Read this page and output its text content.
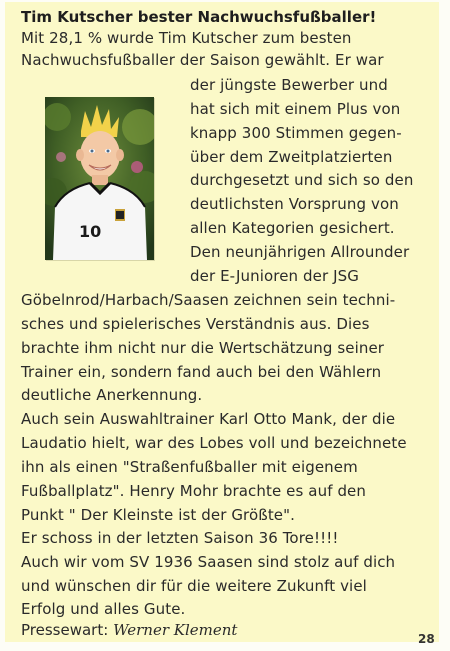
Tim Kutscher bester Nachwuchsfußballer!
10
Mit 28,1 % wurde Tim Kutscher zum besten
Nachwuchsfußballer der Saison gewählt. Er war
der jüngste Bewerber und
hat sich mit einem Plus von
knapp 300 Stimmen gegen-
über dem Zweitplatzierten
durchgesetzt und sich so den
deutlichsten Vorsprung von
allen Kategorien gesichert.
Den neunjährigen Allrounder
der E-Junioren der JSG
Göbelnrod/Harbach/Saasen zeichnen sein techni-
sches und spielerisches Verständnis aus. Dies
brachte ihm nicht nur die Wertschätzung seiner
Trainer ein, sondern fand auch bei den Wählern
deutliche Anerkennung.
Auch sein Auswahltrainer Karl Otto Mank, der die
Laudatio hielt, war des Lobes voll und bezeichnete
ihn als einen "Straßenfußballer mit eigenem
Fußballplatz". Henry Mohr brachte es auf den
Punkt " Der Kleinste ist der Größte".
Er schoss in der letzten Saison 36 Tore!!!!
Auch wir vom SV 1936 Saasen sind stolz auf dich
und wünschen dir für die weitere Zukunft viel
Erfolg und alles Gute.
Pressewart: Werner Klement	28
